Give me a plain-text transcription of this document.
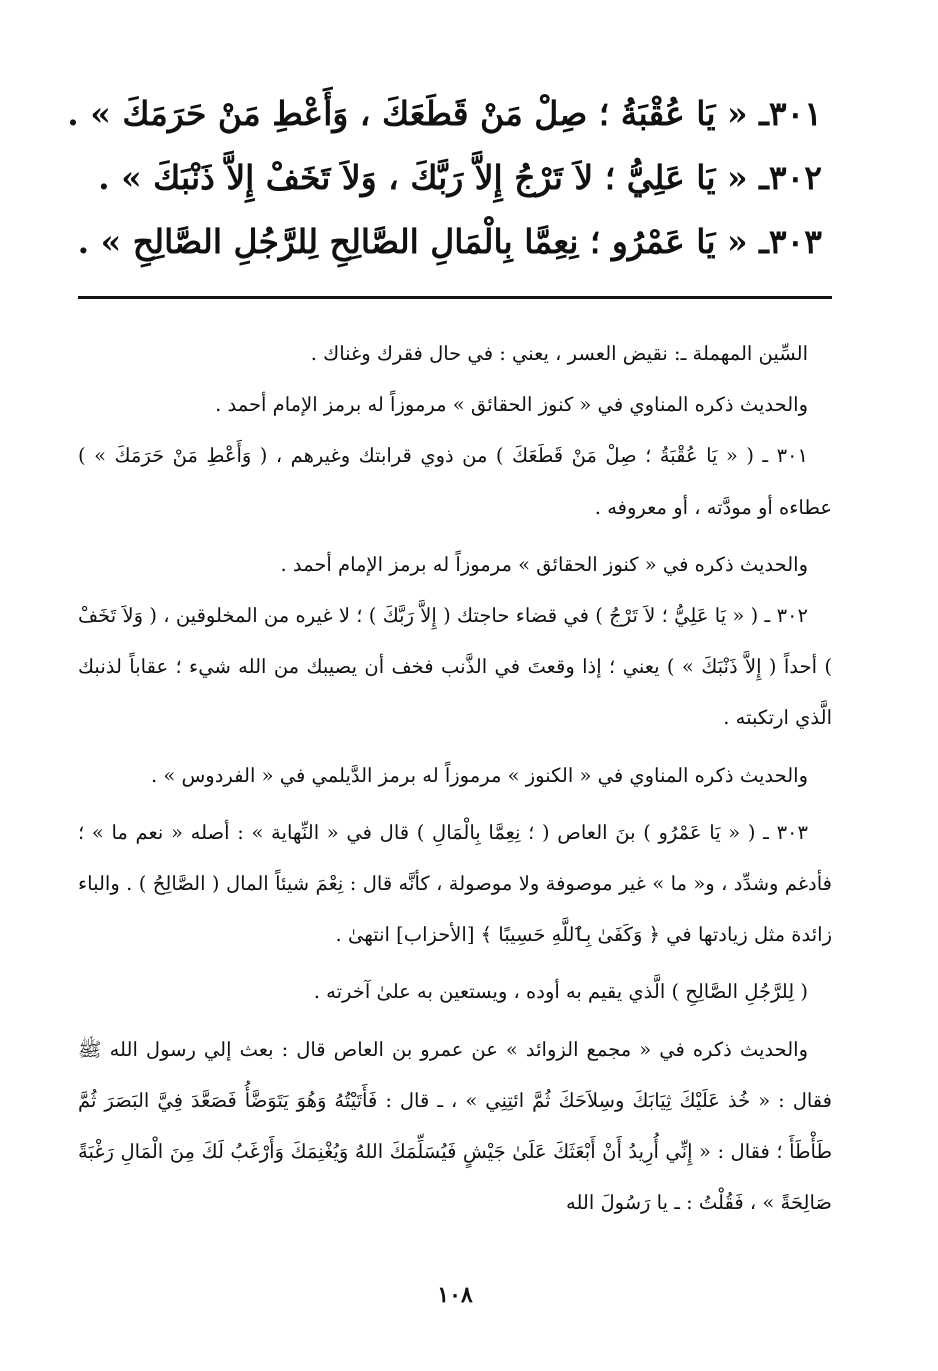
٣٠١ـ « يَا عُقْبَةُ ؛ صِلْ مَنْ قَطَعَكَ ، وَأَعْطِ مَنْ حَرَمَكَ » .
٣٠٢ـ « يَا عَلِيُّ ؛ لاَ تَرْجُ إِلاَّ رَبَّكَ ، وَلاَ تَخَفْ إِلاَّ ذَنْبَكَ » .
٣٠٣ـ « يَا عَمْرُو ؛ نِعِمَّا بِالْمَالِ الصَّالِحِ لِلرَّجُلِ الصَّالِحِ » .

السِّين المهملة ـ: نقيض العسر ، يعني : في حال فقرك وغناك .

والحديث ذكره المناوي في « كنوز الحقائق » مرموزاً له برمز الإمام أحمد .

٣٠١ ـ ( « يَا عُقْبَةُ ؛ صِلْ مَنْ قَطَعَكَ ) من ذوي قرابتك وغيرهم ، ( وَأَعْطِ مَنْ حَرَمَكَ » ) عطاءه أو مودَّته ، أو معروفه .

والحديث ذكره في « كنوز الحقائق » مرموزاً له برمز الإمام أحمد .

٣٠٢ ـ ( « يَا عَلِيُّ ؛ لاَ تَرْجُ ) في قضاء حاجتك ( إِلاَّ رَبَّكَ ) ؛ لا غيره من المخلوقين ، ( وَلاَ تَخَفْ ) أحداً ( إِلاَّ ذَنْبَكَ » ) يعني ؛ إذا وقعتَ في الذَّنب فخف أن يصيبك من الله شيء ؛ عقاباً لذنبك الَّذي ارتكبته .

والحديث ذكره المناوي في « الكنوز » مرموزاً له برمز الدَّيلمي في « الفردوس » .

٣٠٣ ـ ( « يَا عَمْرُو ) بنَ العاص ( ؛ نِعِمَّا بِالْمَالِ ) قال في « النِّهاية » : أصله « نعم ما » ؛ فأدغم وشدِّد ، و« ما » غير موصوفة ولا موصولة ، كأنَّه قال : نِعْمَ شيئاً المال ( الصَّالِحُ ) . والباء زائدة مثل زيادتها في ﴿ وَكَفَىٰ بِٱللَّهِ حَسِيبًا ﴾ [الأحزاب] انتهىٰ .

( لِلرَّجُلِ الصَّالِحِ ) الَّذي يقيم به أوده ، ويستعين به علىٰ آخرته .

والحديث ذكره في « مجمع الزوائد » عن عمرو بن العاص قال : بعث إلي رسول الله ﷺ فقال : « خُذ عَلَيْكَ ثِيَابَكَ وسِلاَحَكَ ثُمَّ ائتِنِي » ، ـ قال : فَأَتَيْتُهُ وَهُوَ يَتَوَضَّأُ فَصَعَّدَ فِيَّ البَصَرَ ثُمَّ طَأْطَأَ ؛ فقال : « إِنِّي أُرِيدُ أَنْ أَبْعَثَكَ عَلَىٰ جَيْشٍ فَيُسَلِّمَكَ اللهُ وَيُغْنِمَكَ وَأَرْغَبُ لَكَ مِنَ الْمَالِ رَغْبَةً صَالِحَةً » ، فَقُلْتُ : ـ يا رَسُولَ الله

١٠٨
